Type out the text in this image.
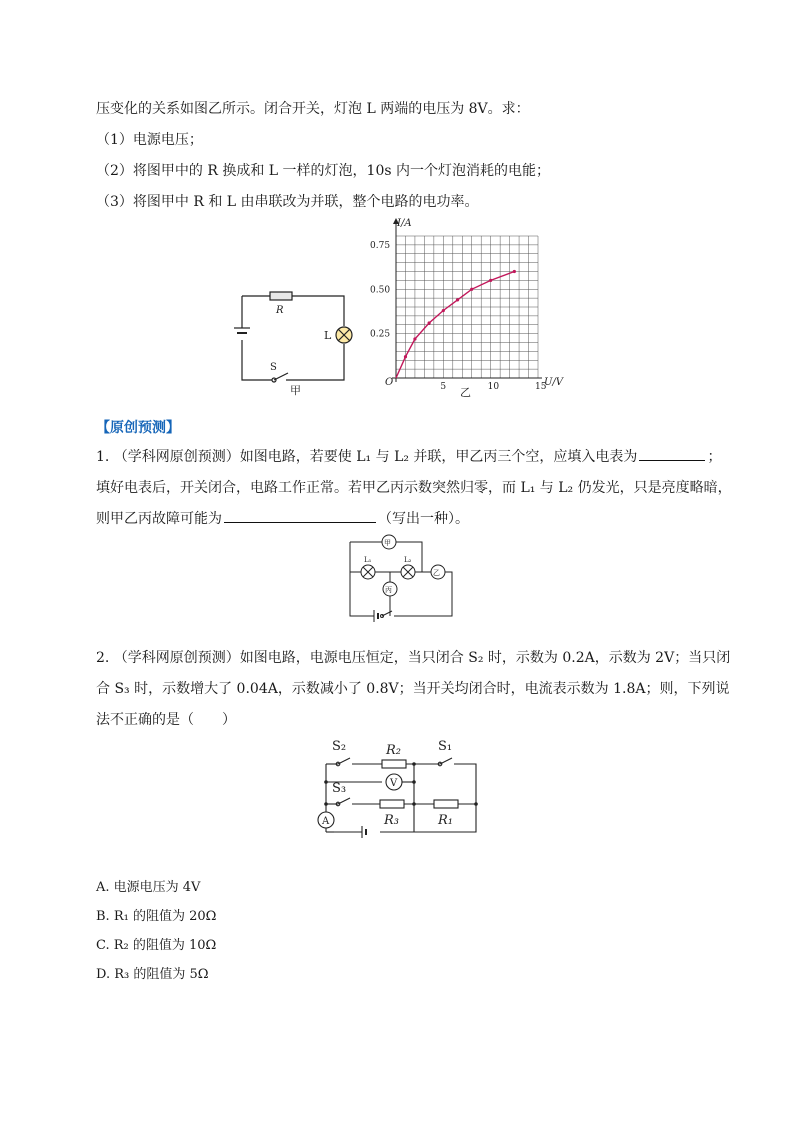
压变化的关系如图乙所示。闭合开关，灯泡 L 两端的电压为 8V。求：
（1）电源电压；
（2）将图甲中的 R 换成和 L 一样的灯泡，10s 内一个灯泡消耗的电能；
（3）将图甲中 R 和 L 由串联改为并联，整个电路的电功率。
R
L
S
甲	5	10	15
0.25
0.50
0.75
I/A
U/V
O
乙
【原创预测】
1. （学科网原创预测）如图电路，若要使 L₁ 与 L₂ 并联，甲乙丙三个空，应填入电表为	；
填好电表后，开关闭合，电路工作正常。若甲乙丙示数突然归零，而 L₁ 与 L₂ 仍发光，只是亮度略暗，
则甲乙丙故障可能为	（写出一种）。
甲
乙
丙
L₁	L₂
2. （学科网原创预测）如图电路，电源电压恒定，当只闭合 S₂ 时，示数为 0.2A，示数为 2V；当只闭
合 S₃ 时，示数增大了 0.04A，示数减小了 0.8V；当开关均闭合时，电流表示数为 1.8A；则，下列说
法不正确的是（　　）
S₂	R₂	S₁
V
S₃
A	R₃	R₁
A. 电源电压为 4V
B. R₁ 的阻值为 20Ω
C. R₂ 的阻值为 10Ω
D. R₃ 的阻值为 5Ω
